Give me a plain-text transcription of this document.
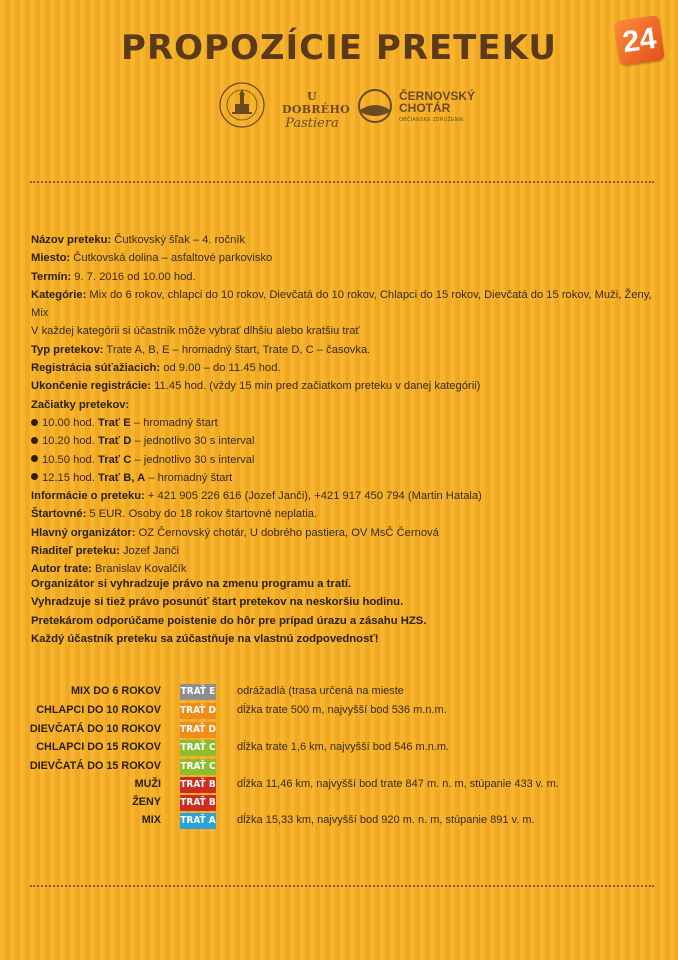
PROPOZÍCIE PRETEKU	24
U DOBRÉHO
Pastiera
ČERNOVSKÝ
CHOTÁR
OBČIANSKE ZDRUŽENIE
Názov preteku: Čutkovský šľak – 4. ročník
Miesto: Čutkovská dolina – asfaltové parkovisko
Termín: 9. 7. 2016 od 10.00 hod.
Kategórie: Mix do 6 rokov, chlapci do 10 rokov, Dievčatá do 10 rokov, Chlapci do 15 rokov, Dievčatá do 15 rokov, Muži, Ženy, Mix
V každej kategórii si účastník môže vybrať dlhšiu alebo kratšiu trať
Typ pretekov: Trate A, B, E – hromadný štart, Trate D, C – časovka.
Registrácia súťažiacich: od 9.00 – do 11.45 hod.
Ukončenie registrácie: 11.45 hod. (vždy 15 min pred začiatkom preteku v danej kategórii)
Začiatky pretekov:
10.00 hod. Trať E – hromadný štart
10.20 hod. Trať D – jednotlivo 30 s interval
10.50 hod. Trať C – jednotlivo 30 s interval
12.15 hod. Trať B, A – hromadný štart
Informácie o preteku: + 421 905 226 616 (Jozef Janči), +421 917 450 794 (Martin Hatala)
Štartovné: 5 EUR. Osoby do 18 rokov štartovné neplatia.
Hlavný organizátor: OZ Černovský chotár, U dobrého pastiera, OV MsČ Černová
Riaditeľ preteku: Jozef Janči
Autor trate: Branislav Kovalčík
Organizátor si vyhradzuje právo na zmenu programu a tratí.
Vyhradzuje si tiež právo posunúť štart pretekov na neskoršiu hodinu.
Pretekárom odporúčame poistenie do hôr pre prípad úrazu a zásahu HZS.
Každý účastník preteku sa zúčastňuje na vlastnú zodpovednosť!
MIX DO 6 ROKOV TRAŤ E odrážadlá (trasa určená na mieste
CHLAPCI DO 10 ROKOV TRAŤ D dĺžka trate 500 m, najvyšší bod 536 m.n.m.
DIEVČATÁ DO 10 ROKOV TRAŤ D
CHLAPCI DO 15 ROKOV TRAŤ C dĺžka trate 1,6 km, najvyšší bod 546 m.n.m.
DIEVČATÁ DO 15 ROKOV TRAŤ C
MUŽI TRAŤ B dĺžka 11,46 km, najvyšší bod trate 847 m. n. m, stúpanie 433 v. m.
ŽENY TRAŤ B
MIX TRAŤ A dĺžka 15,33 km, najvyšší bod 920 m. n. m, stúpanie 891 v. m.
